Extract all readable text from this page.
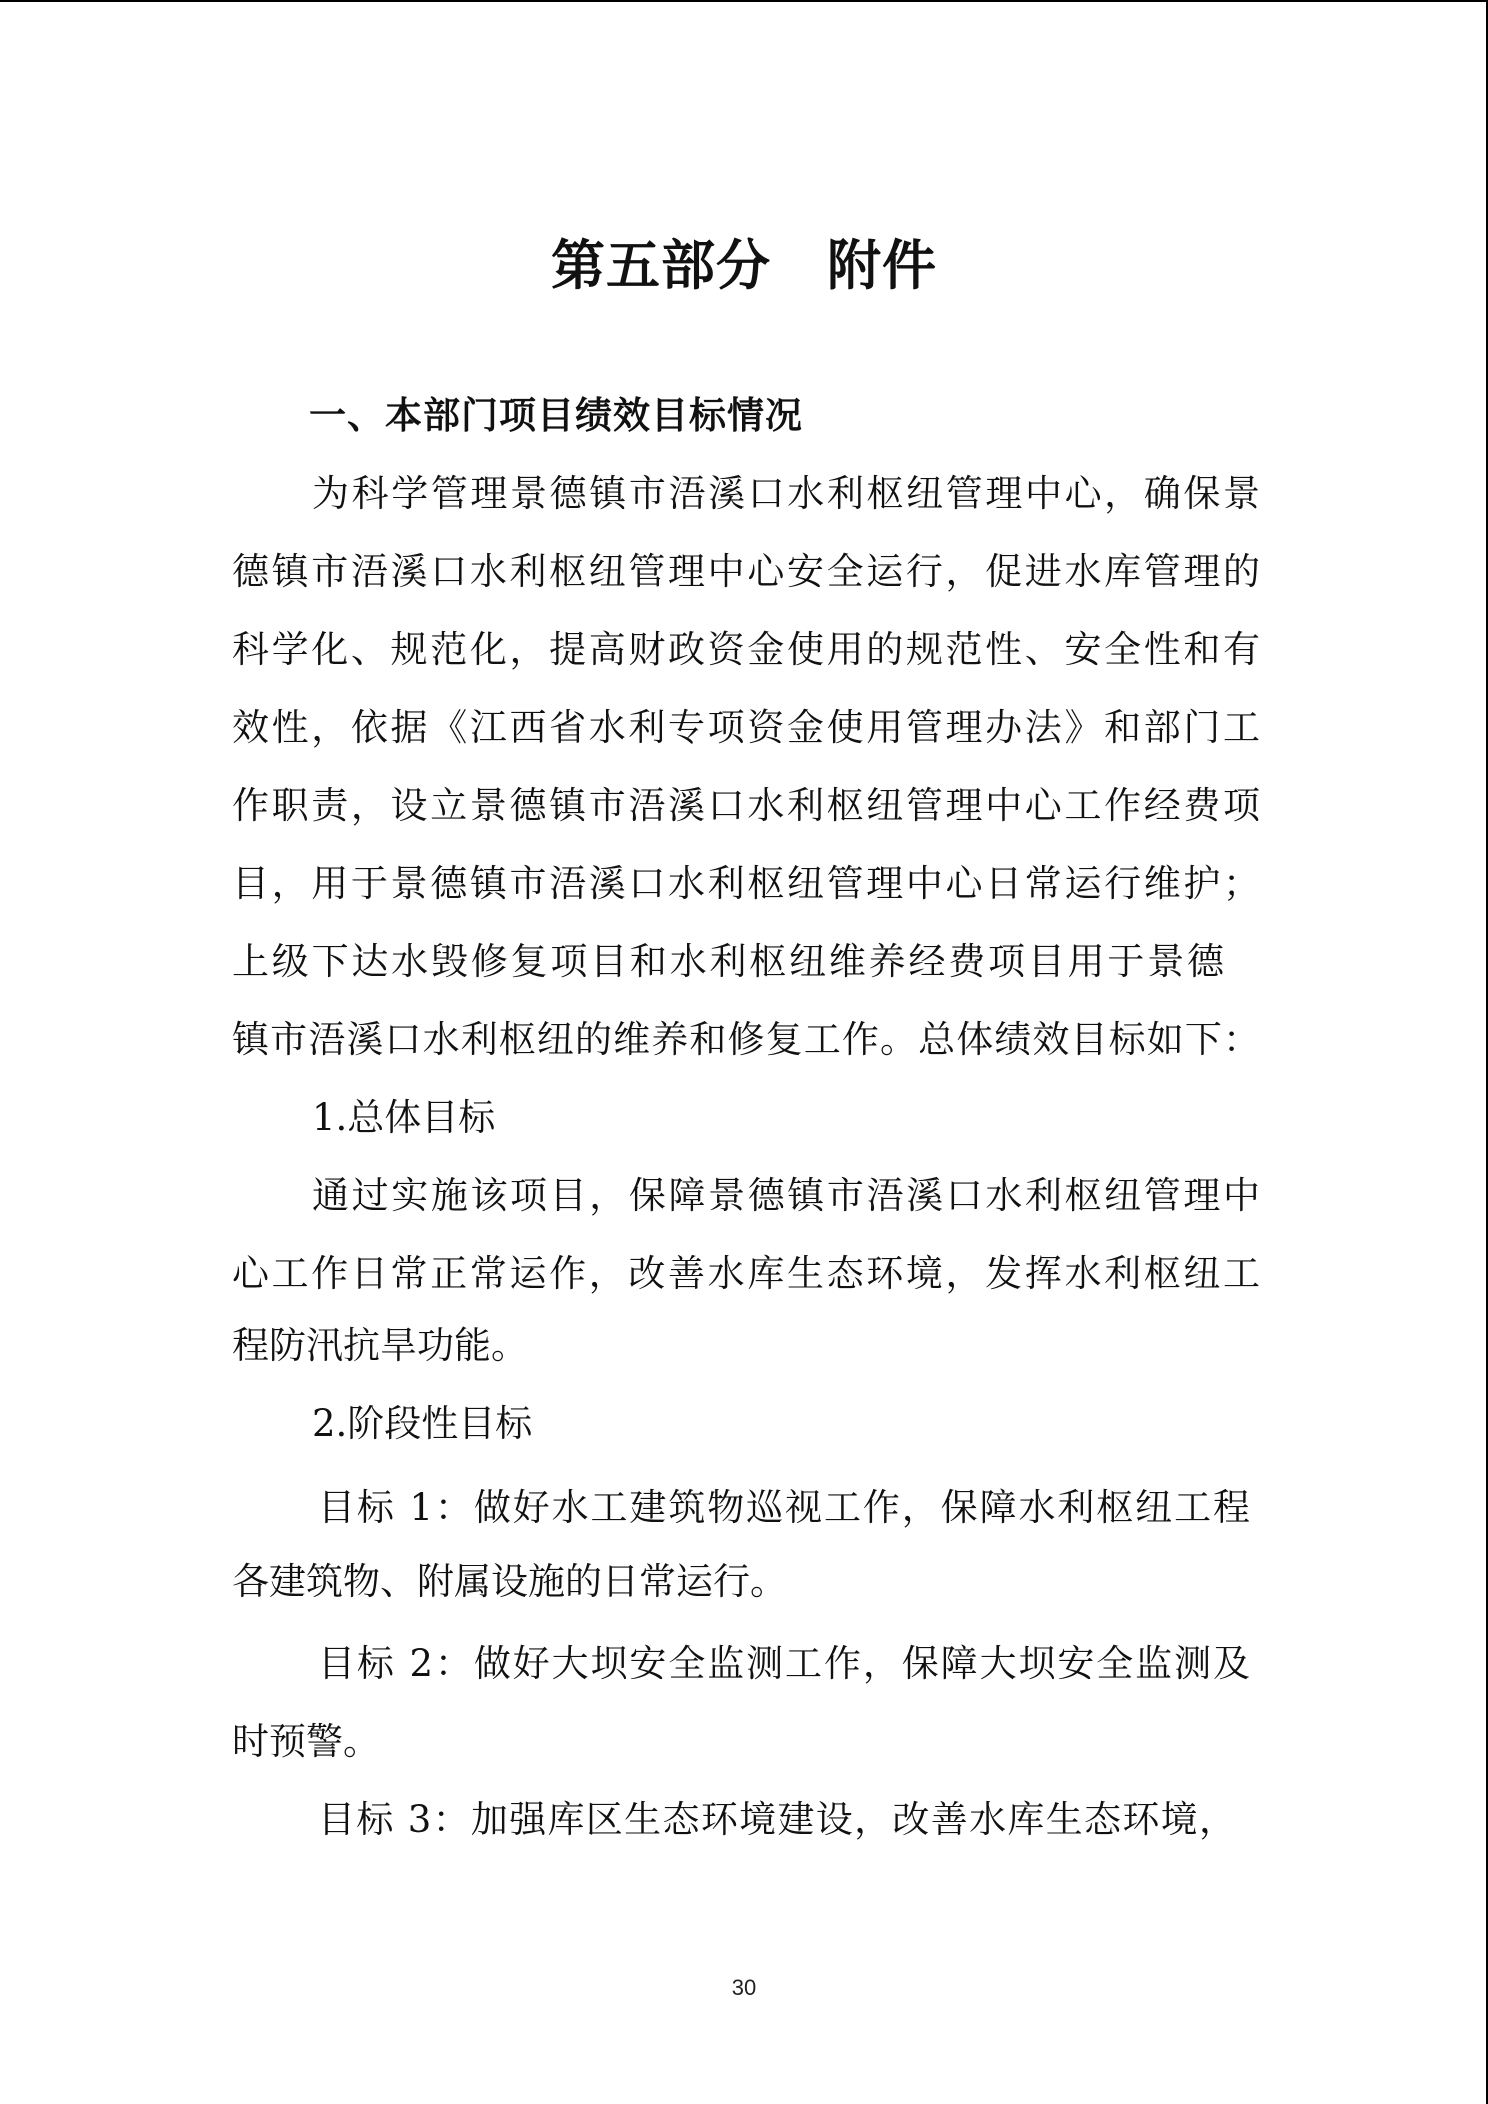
第五部分 附件
一、本部门项目绩效目标情况
为科学管理景德镇市浯溪口水利枢纽管理中心，确保景
德镇市浯溪口水利枢纽管理中心安全运行，促进水库管理的
科学化、规范化，提高财政资金使用的规范性、安全性和有
效性，依据《江西省水利专项资金使用管理办法》和部门工
作职责，设立景德镇市浯溪口水利枢纽管理中心工作经费项
目，用于景德镇市浯溪口水利枢纽管理中心日常运行维护；
上级下达水毁修复项目和水利枢纽维养经费项目用于景德
镇市浯溪口水利枢纽的维养和修复工作。总体绩效目标如下：
1.总体目标
通过实施该项目，保障景德镇市浯溪口水利枢纽管理中
心工作日常正常运作，改善水库生态环境，发挥水利枢纽工
程防汛抗旱功能。
2.阶段性目标
目标 1：做好水工建筑物巡视工作，保障水利枢纽工程
各建筑物、附属设施的日常运行。
目标 2：做好大坝安全监测工作，保障大坝安全监测及
时预警。
目标 3：加强库区生态环境建设，改善水库生态环境，
30
